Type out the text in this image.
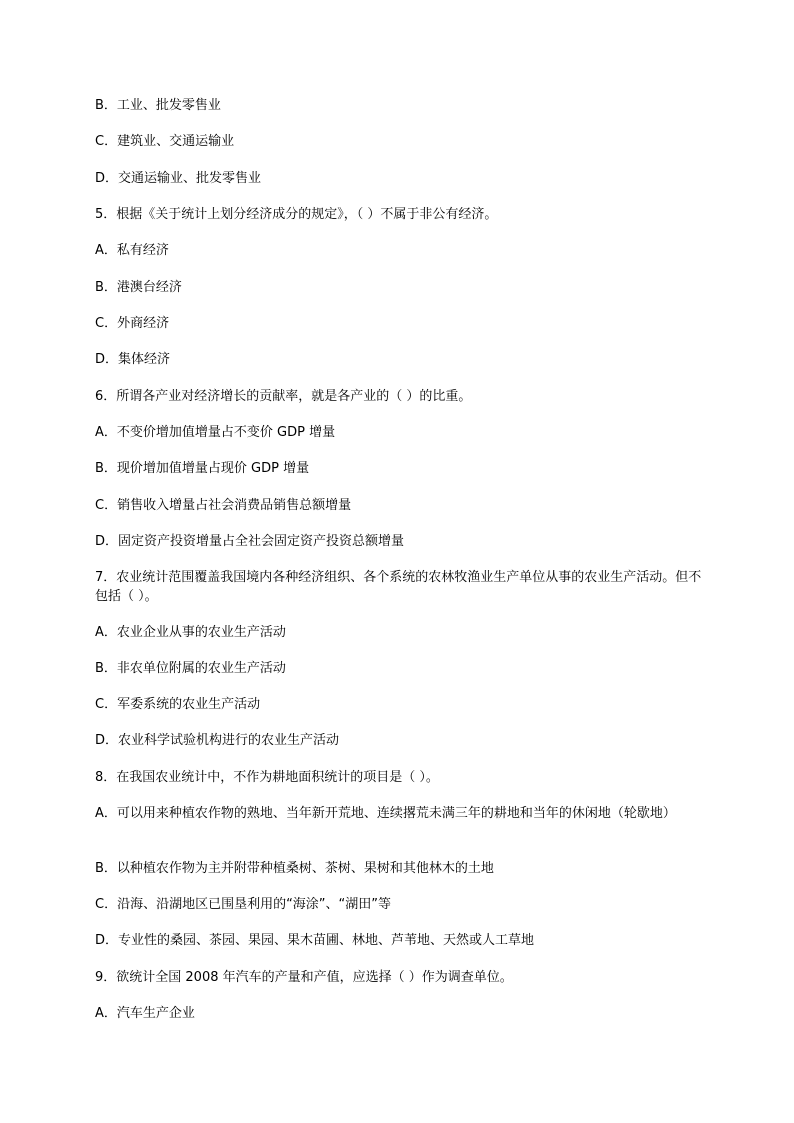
B．工业、批发零售业

C．建筑业、交通运输业

D．交通运输业、批发零售业

5．根据《关于统计上划分经济成分的规定》，（ ）不属于非公有经济。

A．私有经济

B．港澳台经济

C．外商经济

D．集体经济

6．所谓各产业对经济增长的贡献率，就是各产业的（ ）的比重。

A．不变价增加值增量占不变价 GDP 增量

B．现价增加值增量占现价 GDP 增量

C．销售收入增量占社会消费品销售总额增量

D．固定资产投资增量占全社会固定资产投资总额增量

7．农业统计范围覆盖我国境内各种经济组织、各个系统的农林牧渔业生产单位从事的农业生产活动。但不包括（ ）。

A．农业企业从事的农业生产活动

B．非农单位附属的农业生产活动

C．军委系统的农业生产活动

D．农业科学试验机构进行的农业生产活动

8．在我国农业统计中，不作为耕地面积统计的项目是（ ）。

A．可以用来种植农作物的熟地、当年新开荒地、连续撂荒未满三年的耕地和当年的休闲地（轮歇地）

B．以种植农作物为主并附带种植桑树、茶树、果树和其他林木的土地

C．沿海、沿湖地区已围垦利用的“海涂”、“湖田”等

D．专业性的桑园、茶园、果园、果木苗圃、林地、芦苇地、天然或人工草地

9．欲统计全国 2008 年汽车的产量和产值，应选择（ ）作为调查单位。

A．汽车生产企业
